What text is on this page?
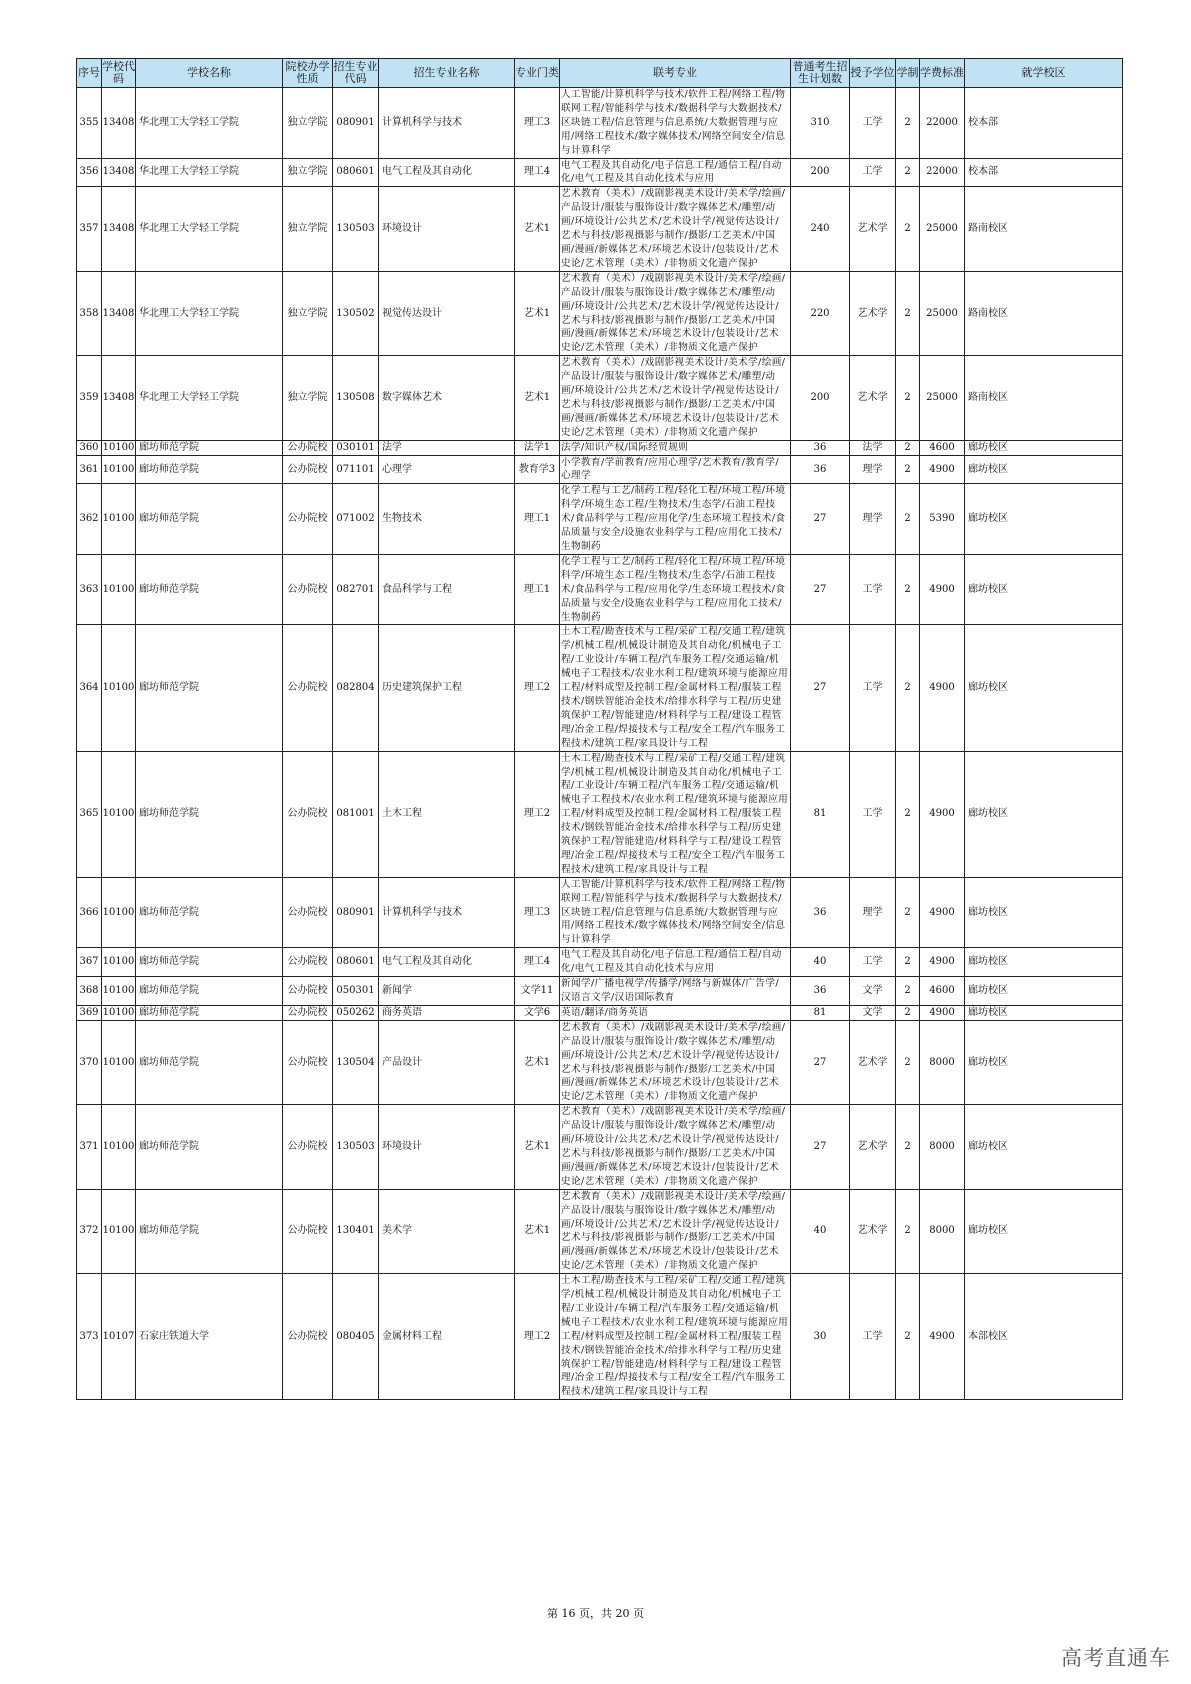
序号	学校代码	学校名称	院校办学性质	招生专业代码	招生专业名称	专业门类	联考专业	普通考生招生计划数	授予学位	学制	学费标准	就学校区
355	13408	华北理工大学轻工学院	独立学院	080901	计算机科学与技术	理工3	人工智能/计算机科学与技术/软件工程/网络工程/物联网工程/智能科学与技术/数据科学与大数据技术/区块链工程/信息管理与信息系统/大数据管理与应用/网络工程技术/数字媒体技术/网络空间安全/信息与计算科学	310	工学	2	22000	校本部
356	13408	华北理工大学轻工学院	独立学院	080601	电气工程及其自动化	理工4	电气工程及其自动化/电子信息工程/通信工程/自动化/电气工程及其自动化技术与应用	200	工学	2	22000	校本部
357	13408	华北理工大学轻工学院	独立学院	130503	环境设计	艺术1	艺术教育（美术）/戏剧影视美术设计/美术学/绘画/产品设计/服装与服饰设计/数字媒体艺术/雕塑/动画/环境设计/公共艺术/艺术设计学/视觉传达设计/艺术与科技/影视摄影与制作/摄影/工艺美术/中国画/漫画/新媒体艺术/环境艺术设计/包装设计/艺术史论/艺术管理（美术）/非物质文化遗产保护	240	艺术学	2	25000	路南校区
358	13408	华北理工大学轻工学院	独立学院	130502	视觉传达设计	艺术1	艺术教育（美术）/戏剧影视美术设计/美术学/绘画/产品设计/服装与服饰设计/数字媒体艺术/雕塑/动画/环境设计/公共艺术/艺术设计学/视觉传达设计/艺术与科技/影视摄影与制作/摄影/工艺美术/中国画/漫画/新媒体艺术/环境艺术设计/包装设计/艺术史论/艺术管理（美术）/非物质文化遗产保护	220	艺术学	2	25000	路南校区
359	13408	华北理工大学轻工学院	独立学院	130508	数字媒体艺术	艺术1	艺术教育（美术）/戏剧影视美术设计/美术学/绘画/产品设计/服装与服饰设计/数字媒体艺术/雕塑/动画/环境设计/公共艺术/艺术设计学/视觉传达设计/艺术与科技/影视摄影与制作/摄影/工艺美术/中国画/漫画/新媒体艺术/环境艺术设计/包装设计/艺术史论/艺术管理（美术）/非物质文化遗产保护	200	艺术学	2	25000	路南校区
360	10100	廊坊师范学院	公办院校	030101	法学	法学1	法学/知识产权/国际经贸规则	36	法学	2	4600	廊坊校区
361	10100	廊坊师范学院	公办院校	071101	心理学	教育学3	小学教育/学前教育/应用心理学/艺术教育/教育学/心理学	36	理学	2	4900	廊坊校区
362	10100	廊坊师范学院	公办院校	071002	生物技术	理工1	化学工程与工艺/制药工程/轻化工程/环境工程/环境科学/环境生态工程/生物技术/生态学/石油工程技术/食品科学与工程/应用化学/生态环境工程技术/食品质量与安全/设施农业科学与工程/应用化工技术/生物制药	27	理学	2	5390	廊坊校区
363	10100	廊坊师范学院	公办院校	082701	食品科学与工程	理工1	化学工程与工艺/制药工程/轻化工程/环境工程/环境科学/环境生态工程/生物技术/生态学/石油工程技术/食品科学与工程/应用化学/生态环境工程技术/食品质量与安全/设施农业科学与工程/应用化工技术/生物制药	27	工学	2	4900	廊坊校区
364	10100	廊坊师范学院	公办院校	082804	历史建筑保护工程	理工2	土木工程/勘查技术与工程/采矿工程/交通工程/建筑学/机械工程/机械设计制造及其自动化/机械电子工程/工业设计/车辆工程/汽车服务工程/交通运输/机械电子工程技术/农业水利工程/建筑环境与能源应用工程/材料成型及控制工程/金属材料工程/服装工程技术/钢铁智能冶金技术/给排水科学与工程/历史建筑保护工程/智能建造/材料科学与工程/建设工程管理/冶金工程/焊接技术与工程/安全工程/汽车服务工程技术/建筑工程/家具设计与工程	27	工学	2	4900	廊坊校区
365	10100	廊坊师范学院	公办院校	081001	土木工程	理工2	土木工程/勘查技术与工程/采矿工程/交通工程/建筑学/机械工程/机械设计制造及其自动化/机械电子工程/工业设计/车辆工程/汽车服务工程/交通运输/机械电子工程技术/农业水利工程/建筑环境与能源应用工程/材料成型及控制工程/金属材料工程/服装工程技术/钢铁智能冶金技术/给排水科学与工程/历史建筑保护工程/智能建造/材料科学与工程/建设工程管理/冶金工程/焊接技术与工程/安全工程/汽车服务工程技术/建筑工程/家具设计与工程	81	工学	2	4900	廊坊校区
366	10100	廊坊师范学院	公办院校	080901	计算机科学与技术	理工3	人工智能/计算机科学与技术/软件工程/网络工程/物联网工程/智能科学与技术/数据科学与大数据技术/区块链工程/信息管理与信息系统/大数据管理与应用/网络工程技术/数字媒体技术/网络空间安全/信息与计算科学	36	理学	2	4900	廊坊校区
367	10100	廊坊师范学院	公办院校	080601	电气工程及其自动化	理工4	电气工程及其自动化/电子信息工程/通信工程/自动化/电气工程及其自动化技术与应用	40	工学	2	4900	廊坊校区
368	10100	廊坊师范学院	公办院校	050301	新闻学	文学11	新闻学/广播电视学/传播学/网络与新媒体/广告学/汉语言文学/汉语国际教育	36	文学	2	4600	廊坊校区
369	10100	廊坊师范学院	公办院校	050262	商务英语	文学6	英语/翻译/商务英语	81	文学	2	4900	廊坊校区
370	10100	廊坊师范学院	公办院校	130504	产品设计	艺术1	艺术教育（美术）/戏剧影视美术设计/美术学/绘画/产品设计/服装与服饰设计/数字媒体艺术/雕塑/动画/环境设计/公共艺术/艺术设计学/视觉传达设计/艺术与科技/影视摄影与制作/摄影/工艺美术/中国画/漫画/新媒体艺术/环境艺术设计/包装设计/艺术史论/艺术管理（美术）/非物质文化遗产保护	27	艺术学	2	8000	廊坊校区
371	10100	廊坊师范学院	公办院校	130503	环境设计	艺术1	艺术教育（美术）/戏剧影视美术设计/美术学/绘画/产品设计/服装与服饰设计/数字媒体艺术/雕塑/动画/环境设计/公共艺术/艺术设计学/视觉传达设计/艺术与科技/影视摄影与制作/摄影/工艺美术/中国画/漫画/新媒体艺术/环境艺术设计/包装设计/艺术史论/艺术管理（美术）/非物质文化遗产保护	27	艺术学	2	8000	廊坊校区
372	10100	廊坊师范学院	公办院校	130401	美术学	艺术1	艺术教育（美术）/戏剧影视美术设计/美术学/绘画/产品设计/服装与服饰设计/数字媒体艺术/雕塑/动画/环境设计/公共艺术/艺术设计学/视觉传达设计/艺术与科技/影视摄影与制作/摄影/工艺美术/中国画/漫画/新媒体艺术/环境艺术设计/包装设计/艺术史论/艺术管理（美术）/非物质文化遗产保护	40	艺术学	2	8000	廊坊校区
373	10107	石家庄铁道大学	公办院校	080405	金属材料工程	理工2	土木工程/勘查技术与工程/采矿工程/交通工程/建筑学/机械工程/机械设计制造及其自动化/机械电子工程/工业设计/车辆工程/汽车服务工程/交通运输/机械电子工程技术/农业水利工程/建筑环境与能源应用工程/材料成型及控制工程/金属材料工程/服装工程技术/钢铁智能冶金技术/给排水科学与工程/历史建筑保护工程/智能建造/材料科学与工程/建设工程管理/冶金工程/焊接技术与工程/安全工程/汽车服务工程技术/建筑工程/家具设计与工程	30	工学	2	4900	本部校区
第 16 页，共 20 页
高考直通车
